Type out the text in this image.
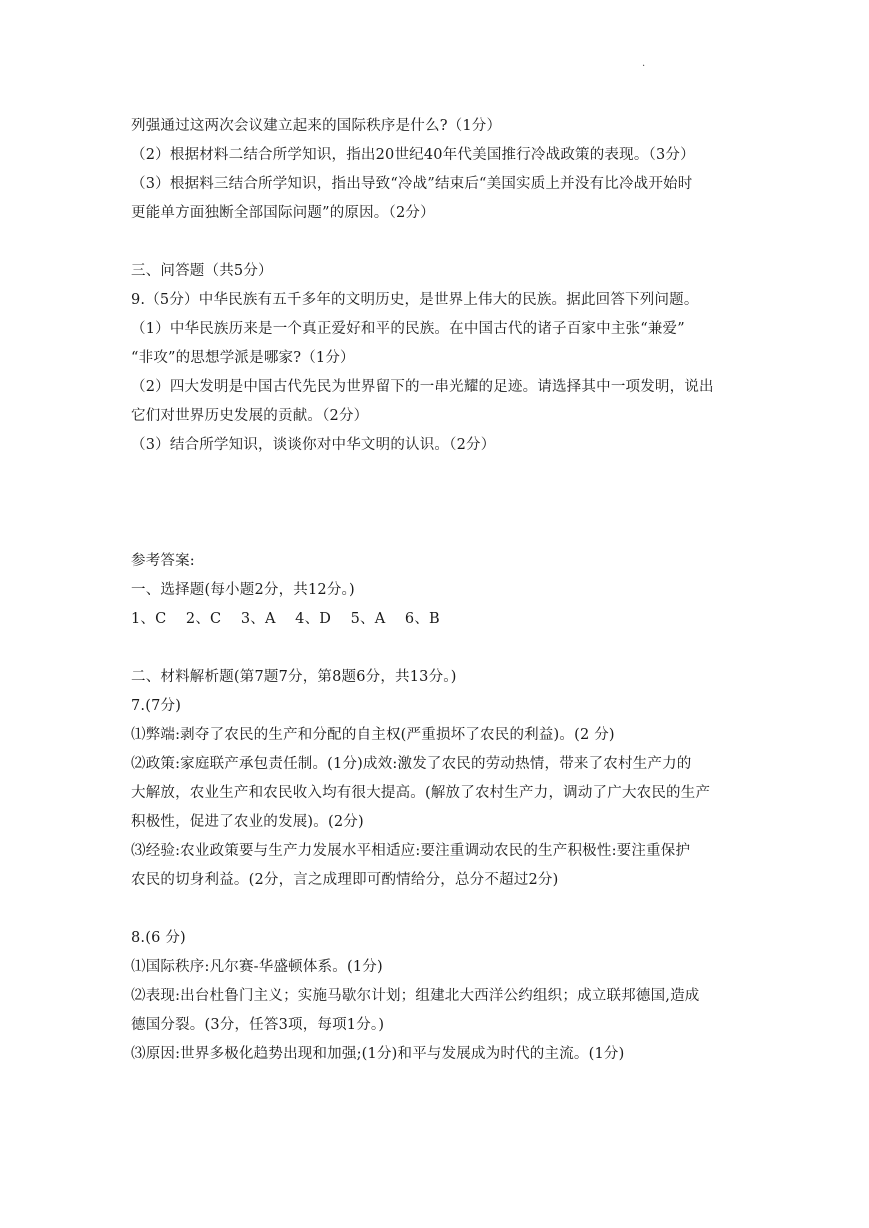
.
列强通过这两次会议建立起来的国际秩序是什么?（1分）
（2）根据材料二结合所学知识，指出20世纪40年代美国推行冷战政策的表现。（3分）
（3）根据料三结合所学知识，指出导致“冷战”结束后“美国实质上并没有比冷战开始时
更能单方面独断全部国际问题”的原因。（2分）
三、问答题（共5分）
9.（5分）中华民族有五千多年的文明历史，是世界上伟大的民族。据此回答下列问题。
（1）中华民族历来是一个真正爱好和平的民族。在中国古代的诸子百家中主张“兼爱”
“非攻”的思想学派是哪家?（1分）
（2）四大发明是中国古代先民为世界留下的一串光耀的足迹。请选择其中一项发明，说出
它们对世界历史发展的贡献。（2分）
（3）结合所学知识，谈谈你对中华文明的认识。（2分）
参考答案:
一、选择题(每小题2分，共12分。)
1、C　 2、C　 3、A　 4、D　 5、A　 6、B
二、材料解析题(第7题7分，第8题6分，共13分。)
7.(7分)
⑴弊端:剥夺了农民的生产和分配的自主权(严重损坏了农民的利益)。(2 分)
⑵政策:家庭联产承包责任制。(1分)成效:激发了农民的劳动热情，带来了农村生产力的
大解放，农业生产和农民收入均有很大提高。(解放了农村生产力，调动了广大农民的生产
积极性，促进了农业的发展)。(2分)
⑶经验:农业政策要与生产力发展水平相适应:要注重调动农民的生产积极性:要注重保护
农民的切身利益。(2分，言之成理即可酌情给分，总分不超过2分)
8.(6 分)
⑴国际秩序:凡尔赛-华盛顿体系。(1分)
⑵表现:出台杜鲁门主义；实施马歇尔计划；组建北大西洋公约组织；成立联邦德国,造成
德国分裂。(3分，任答3项，每项1分。)
⑶原因:世界多极化趋势出现和加强;(1分)和平与发展成为时代的主流。(1分)
